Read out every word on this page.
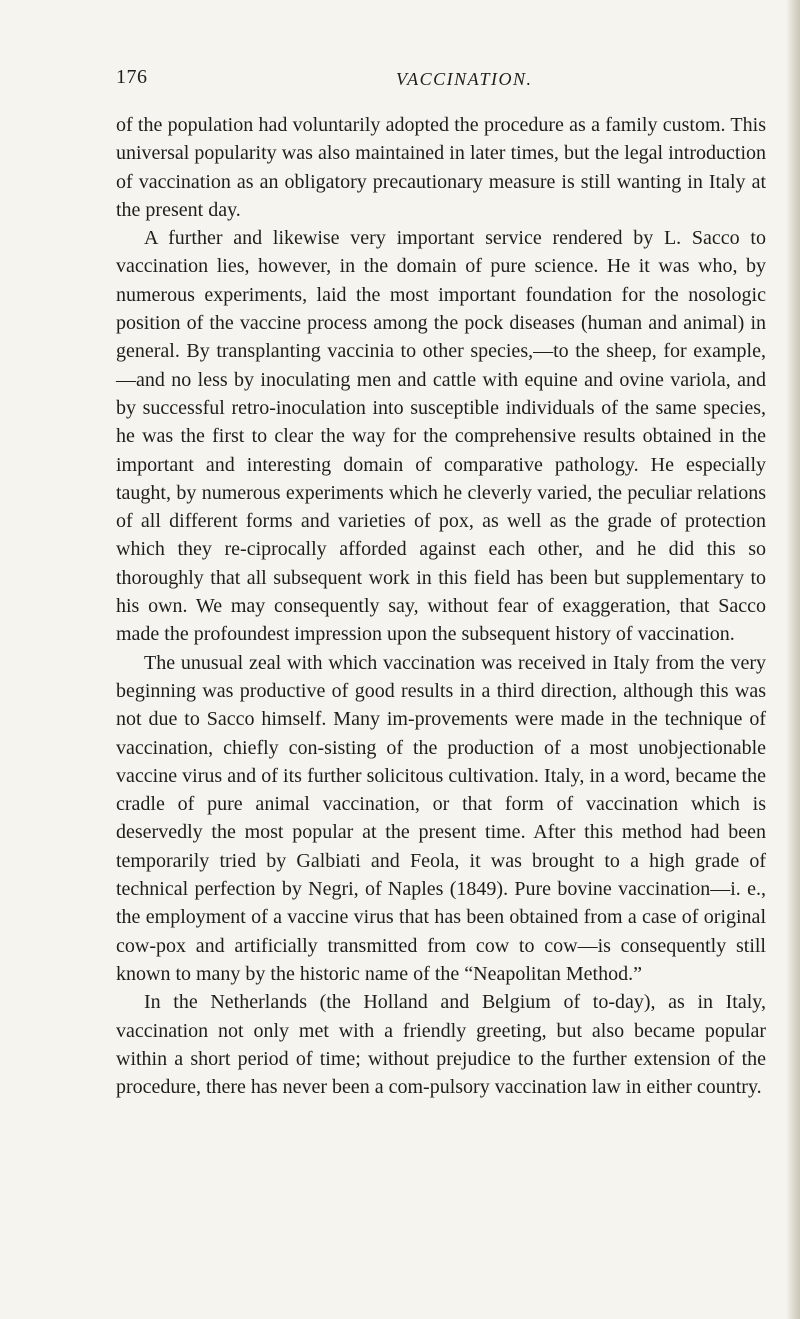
176	VACCINATION.

of the population had voluntarily adopted the procedure as a family custom. This universal popularity was also maintained in later times, but the legal introduction of vaccination as an obligatory precautionary measure is still wanting in Italy at the present day.

A further and likewise very important service rendered by L. Sacco to vaccination lies, however, in the domain of pure science. He it was who, by numerous experiments, laid the most important foundation for the nosologic position of the vaccine process among the pock diseases (human and animal) in general. By transplanting vaccinia to other species,—to the sheep, for example,—and no less by inoculating men and cattle with equine and ovine variola, and by successful retro-inoculation into susceptible individuals of the same species, he was the first to clear the way for the comprehensive results obtained in the important and interesting domain of comparative pathology. He especially taught, by numerous experiments which he cleverly varied, the peculiar relations of all different forms and varieties of pox, as well as the grade of protection which they re-ciprocally afforded against each other, and he did this so thoroughly that all subsequent work in this field has been but supplementary to his own. We may consequently say, without fear of exaggeration, that Sacco made the profoundest impression upon the subsequent history of vaccination.

The unusual zeal with which vaccination was received in Italy from the very beginning was productive of good results in a third direction, although this was not due to Sacco himself. Many im-provements were made in the technique of vaccination, chiefly con-sisting of the production of a most unobjectionable vaccine virus and of its further solicitous cultivation. Italy, in a word, became the cradle of pure animal vaccination, or that form of vaccination which is deservedly the most popular at the present time. After this method had been temporarily tried by Galbiati and Feola, it was brought to a high grade of technical perfection by Negri, of Naples (1849). Pure bovine vaccination—i. e., the employment of a vaccine virus that has been obtained from a case of original cow-pox and artificially transmitted from cow to cow—is consequently still known to many by the historic name of the “Neapolitan Method.”

In the Netherlands (the Holland and Belgium of to-day), as in Italy, vaccination not only met with a friendly greeting, but also became popular within a short period of time; without prejudice to the further extension of the procedure, there has never been a com-pulsory vaccination law in either country.
